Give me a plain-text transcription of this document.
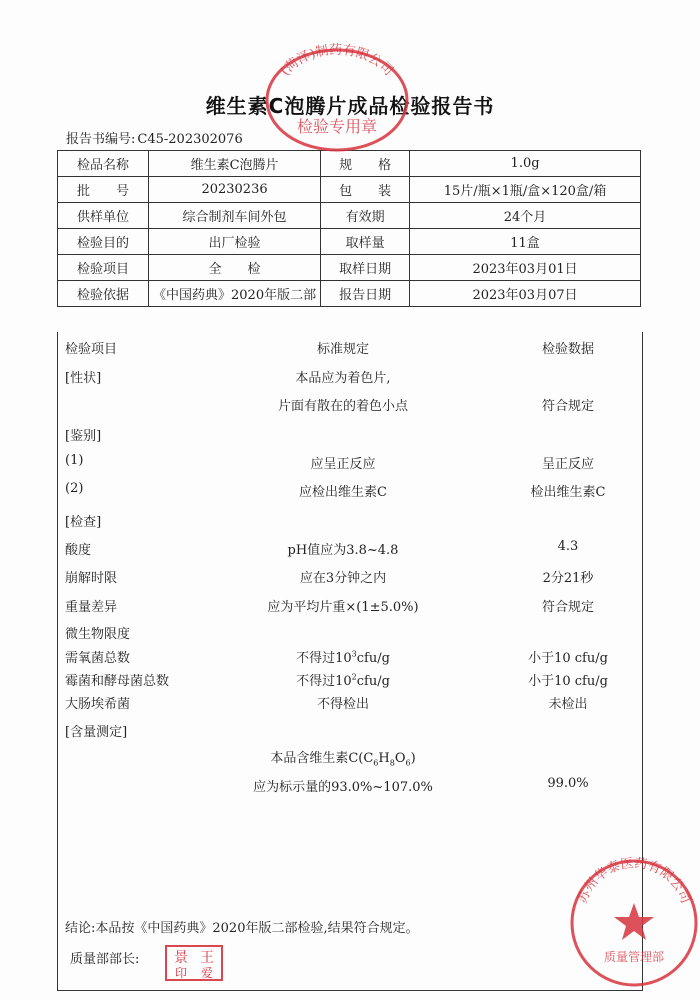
维生素C泡腾片成品检验报告书
报告书编号: C45-202302076
检品名称	维生素C泡腾片	规　　格	1.0g
批　　号	20230236	包　　装	15片/瓶×1瓶/盒×120盒/箱
供样单位	综合制剂车间外包	有效期	24个月
检验目的	出厂检验	取样量	11盒
检验项目	全　　检	取样日期	2023年03月01日
检验依据	《中国药典》2020年版二部	报告日期	2023年03月07日
检验项目	标准规定	检验数据
[性状]	本品应为着色片,
片面有散在的着色小点	符合规定
[鉴别]
(1)	应呈正反应	呈正反应
(2)	应检出维生素C	检出维生素C
[检查]
酸度	pH值应为3.8~4.8	4.3
崩解时限	应在3分钟之内	2分21秒
重量差异	应为平均片重×(1±5.0%)	符合规定
微生物限度
需氧菌总数	不得过$10^3cfu/g$	小于10 cfu/g
霉菌和酵母菌总数	不得过$10^2cfu/g$	小于10 cfu/g
大肠埃希菌	不得检出	未检出
[含量测定]
本品含维生素$C(C_6H_8O_6)$
应为标示量的93.0%~107.0%	99.0%
结论:本品按《中国药典》2020年版二部检验,结果符合规定。
质量部部长:
(菏泽)制药有限公司
检验专用章
苏州华泰医药有限公司
质量管理部
景 王
印 爱
